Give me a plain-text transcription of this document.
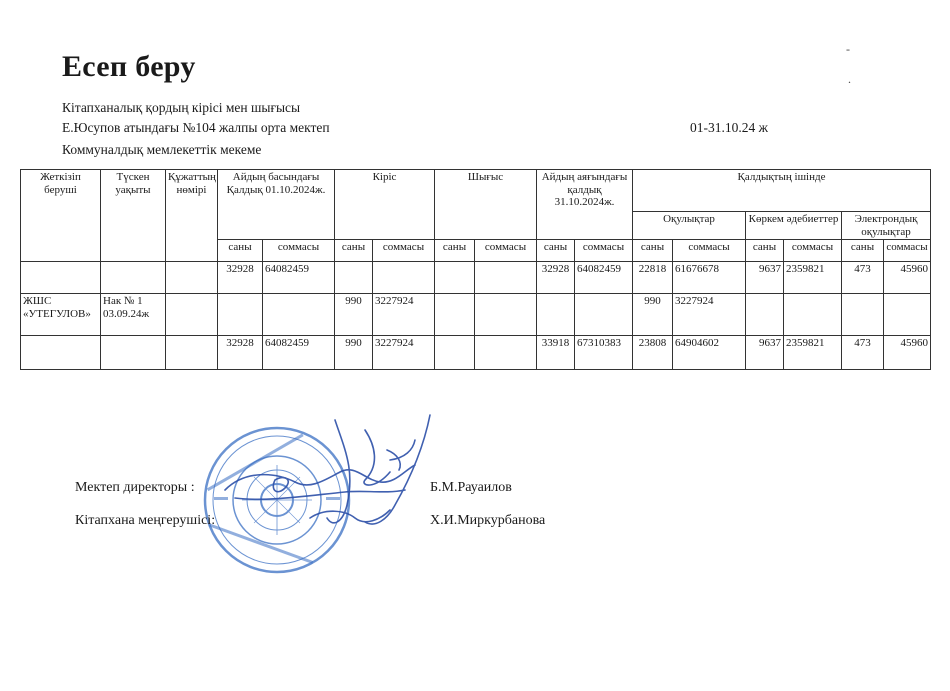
Есеп беру
Кітапханалық қордың кірісі мен шығысы
Е.Юсупов атындағы №104 жалпы орта мектеп
Коммуналдық мемлекеттік мекеме
01-31.10.24 ж
-
.
Жеткізіп беруші	Түскен уақыты	Құжаттың нөмірі	Айдың басындағы Қалдық 01.10.2024ж.		Кіріс		Шығыс		Айдың аяғындағы қалдық 31.10.2024ж.		Қалдықтың ішінде					
											Оқулықтар		Көркем әдебиеттер		Электрондық оқулықтар	
			саны	соммасы	саны	соммасы	саны	соммасы	саны	соммасы	саны	соммасы	саны	соммасы	саны	соммасы
			32928	64082459					32928	64082459	22818	61676678	9637	2359821	473	45960
ЖШС «УТЕГУЛОВ»	Нак № 1 03.09.24ж				990	3227924					990	3227924				
			32928	64082459	990	3227924			33918	67310383	23808	64904602	9637	2359821	473	45960
Мектеп директоры :	Б.М.Рауаилов
Кітапхана меңгерушісі:	Х.И.Миркурбанова
